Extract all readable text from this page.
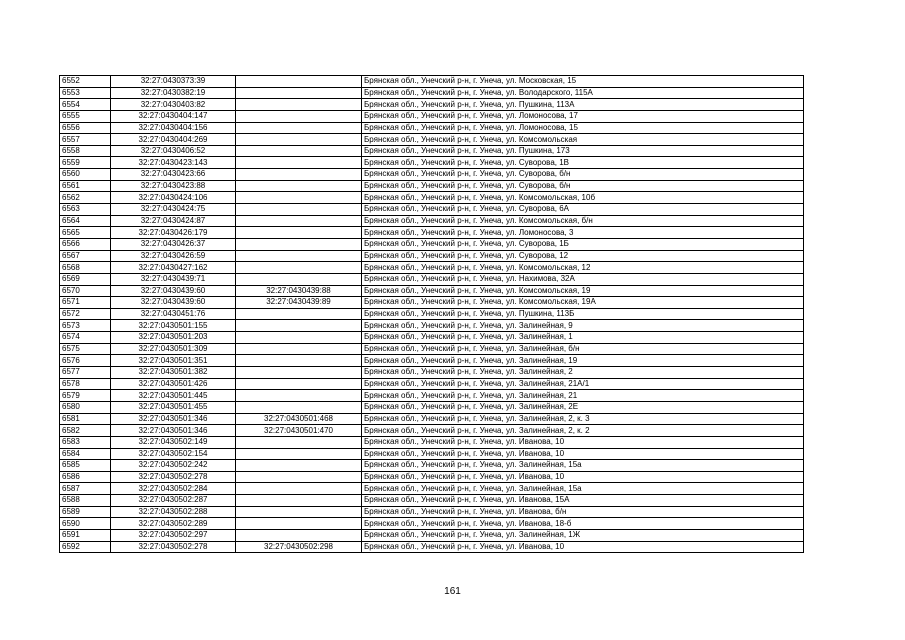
6552	32:27:0430373:39		Брянская обл., Унечский р-н, г. Унеча, ул. Московская, 15
6553	32:27:0430382:19		Брянская обл., Унечский р-н, г. Унеча, ул. Володарского, 115А
6554	32:27:0430403:82		Брянская обл., Унечский р-н, г. Унеча, ул. Пушкина, 113А
6555	32:27:0430404:147		Брянская обл., Унечский р-н, г. Унеча, ул. Ломоносова, 17
6556	32:27:0430404:156		Брянская обл., Унечский р-н, г. Унеча, ул. Ломоносова, 15
6557	32:27:0430404:269		Брянская обл., Унечский р-н, г. Унеча, ул. Комсомольская
6558	32:27:0430406:52		Брянская обл., Унечский р-н, г. Унеча, ул. Пушкина, 173
6559	32:27:0430423:143		Брянская обл., Унечский р-н, г. Унеча, ул. Суворова, 1В
6560	32:27:0430423:66		Брянская обл., Унечский р-н, г. Унеча, ул. Суворова, б/н
6561	32:27:0430423:88		Брянская обл., Унечский р-н, г. Унеча, ул. Суворова, б/н
6562	32:27:0430424:106		Брянская обл., Унечский р-н, г. Унеча, ул. Комсомольская, 10б
6563	32:27:0430424:75		Брянская обл., Унечский р-н, г. Унеча, ул. Суворова, 6А
6564	32:27:0430424:87		Брянская обл., Унечский р-н, г. Унеча, ул. Комсомольская, б/н
6565	32:27:0430426:179		Брянская обл., Унечский р-н, г. Унеча, ул. Ломоносова, 3
6566	32:27:0430426:37		Брянская обл., Унечский р-н, г. Унеча, ул. Суворова, 1Б
6567	32:27:0430426:59		Брянская обл., Унечский р-н, г. Унеча, ул. Суворова, 12
6568	32:27:0430427:162		Брянская обл., Унечский р-н, г. Унеча, ул. Комсомольская, 12
6569	32:27:0430439:71		Брянская обл., Унечский р-н, г. Унеча, ул. Нахимова, 32А
6570	32:27:0430439:60	32:27:0430439:88	Брянская обл., Унечский р-н, г. Унеча, ул. Комсомольская, 19
6571	32:27:0430439:60	32:27:0430439:89	Брянская обл., Унечский р-н, г. Унеча, ул. Комсомольская, 19А
6572	32:27:0430451:76		Брянская обл., Унечский р-н, г. Унеча, ул. Пушкина, 113Б
6573	32:27:0430501:155		Брянская обл., Унечский р-н, г. Унеча, ул. Залинейная, 9
6574	32:27:0430501:203		Брянская обл., Унечский р-н, г. Унеча, ул. Залинейная, 1
6575	32:27:0430501:309		Брянская обл., Унечский р-н, г. Унеча, ул. Залинейная, б/н
6576	32:27:0430501:351		Брянская обл., Унечский р-н, г. Унеча, ул. Залинейная, 19
6577	32:27:0430501:382		Брянская обл., Унечский р-н, г. Унеча, ул. Залинейная, 2
6578	32:27:0430501:426		Брянская обл., Унечский р-н, г. Унеча, ул. Залинейная, 21А/1
6579	32:27:0430501:445		Брянская обл., Унечский р-н, г. Унеча, ул. Залинейная, 21
6580	32:27:0430501:455		Брянская обл., Унечский р-н, г. Унеча, ул. Залинейная, 2Е
6581	32:27:0430501:346	32:27:0430501:468	Брянская обл., Унечский р-н, г. Унеча, ул. Залинейная, 2, к. 3
6582	32:27:0430501:346	32:27:0430501:470	Брянская обл., Унечский р-н, г. Унеча, ул. Залинейная, 2, к. 2
6583	32:27:0430502:149		Брянская обл., Унечский р-н, г. Унеча, ул. Иванова, 10
6584	32:27:0430502:154		Брянская обл., Унечский р-н, г. Унеча, ул. Иванова, 10
6585	32:27:0430502:242		Брянская обл., Унечский р-н, г. Унеча, ул. Залинейная, 15а
6586	32:27:0430502:278		Брянская обл., Унечский р-н, г. Унеча, ул. Иванова, 10
6587	32:27:0430502:284		Брянская обл., Унечский р-н, г. Унеча, ул. Залинейная, 15а
6588	32:27:0430502:287		Брянская обл., Унечский р-н, г. Унеча, ул. Иванова, 15А
6589	32:27:0430502:288		Брянская обл., Унечский р-н, г. Унеча, ул. Иванова, б/н
6590	32:27:0430502:289		Брянская обл., Унечский р-н, г. Унеча, ул. Иванова, 18-б
6591	32:27:0430502:297		Брянская обл., Унечский р-н, г. Унеча, ул. Залинейная, 1Ж
6592	32:27:0430502:278	32:27:0430502:298	Брянская обл., Унечский р-н, г. Унеча, ул. Иванова, 10
161
